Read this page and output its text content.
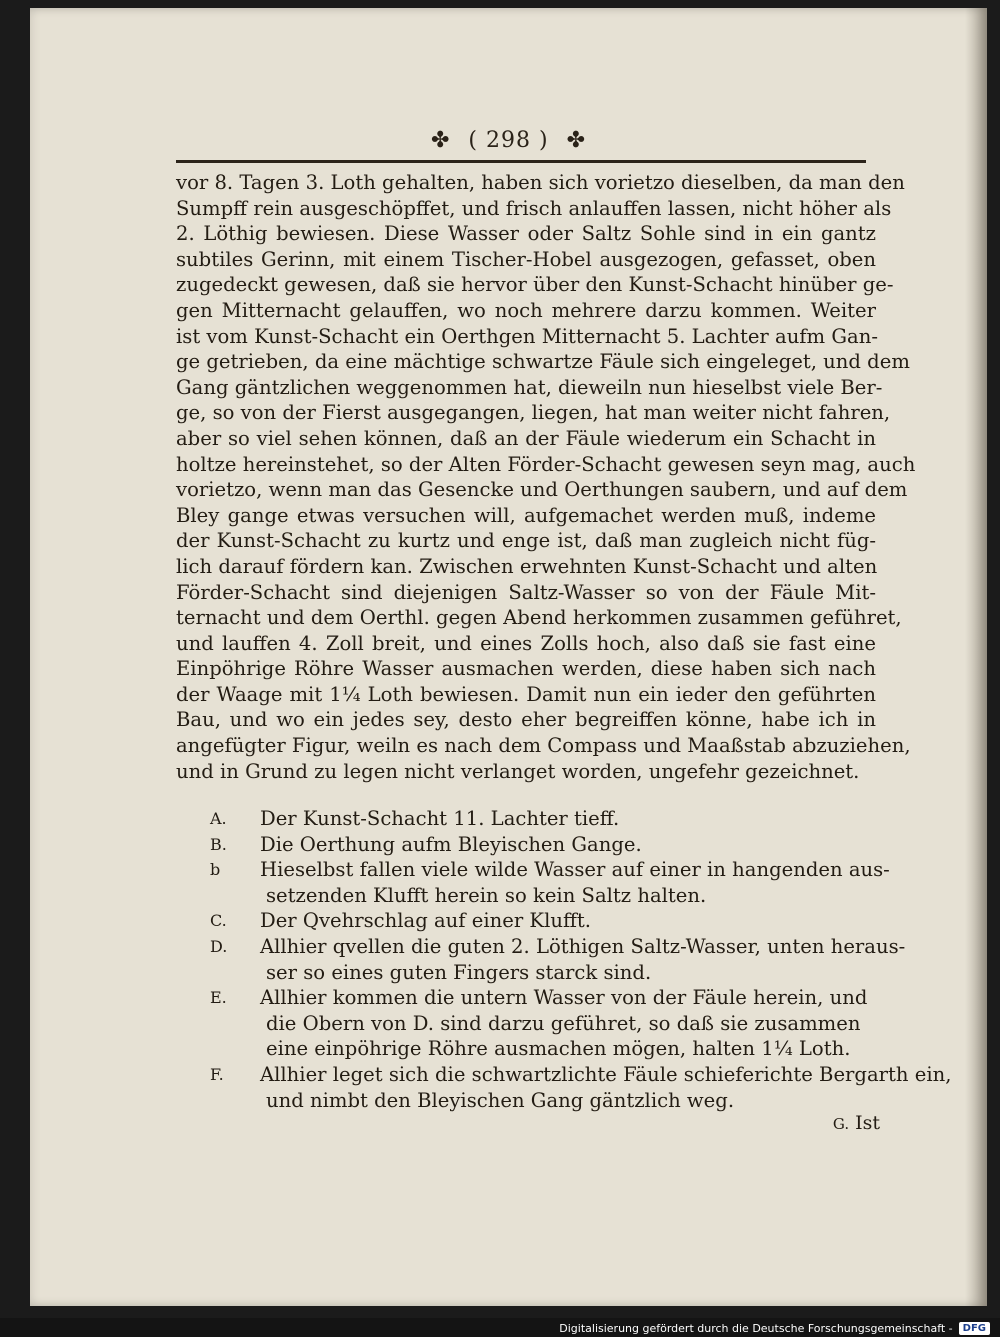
✤ ( 298 ) ✤
vor 8. Tagen 3. Loth gehalten, haben sich vorietzo dieselben, da man den
Sumpff rein ausgeschöpffet, und frisch anlauffen lassen, nicht höher als
2. Löthig bewiesen. Diese Wasser oder Saltz Sohle sind in ein gantz
subtiles Gerinn, mit einem Tischer-Hobel ausgezogen, gefasset, oben
zugedeckt gewesen, daß sie hervor über den Kunst-Schacht hinüber ge-
gen Mitternacht gelauffen, wo noch mehrere darzu kommen. Weiter
ist vom Kunst-Schacht ein Oerthgen Mitternacht 5. Lachter aufm Gan-
ge getrieben, da eine mächtige schwartze Fäule sich eingeleget, und dem
Gang gäntzlichen weggenommen hat, dieweiln nun hieselbst viele Ber-
ge, so von der Fierst ausgegangen, liegen, hat man weiter nicht fahren,
aber so viel sehen können, daß an der Fäule wiederum ein Schacht in
holtze hereinstehet, so der Alten Förder-Schacht gewesen seyn mag, auch
vorietzo, wenn man das Gesencke und Oerthungen saubern, und auf dem
Bley gange etwas versuchen will, aufgemachet werden muß, indeme
der Kunst-Schacht zu kurtz und enge ist, daß man zugleich nicht füg-
lich darauf fördern kan. Zwischen erwehnten Kunst-Schacht und alten
Förder-Schacht sind diejenigen Saltz-Wasser so von der Fäule Mit-
ternacht und dem Oerthl. gegen Abend herkommen zusammen geführet,
und lauffen 4. Zoll breit, und eines Zolls hoch, also daß sie fast eine
Einpöhrige Röhre Wasser ausmachen werden, diese haben sich nach
der Waage mit 1¼ Loth bewiesen. Damit nun ein ieder den geführten
Bau, und wo ein jedes sey, desto eher begreiffen könne, habe ich in
angefügter Figur, weiln es nach dem Compass und Maaßstab abzuziehen,
und in Grund zu legen nicht verlanget worden, ungefehr gezeichnet.
A. Der Kunst-Schacht 11. Lachter tieff.
B. Die Oerthung aufm Bleyischen Gange.
b Hieselbst fallen viele wilde Wasser auf einer in hangenden aus-
setzenden Klufft herein so kein Saltz halten.
C. Der Qvehrschlag auf einer Klufft.
D. Allhier qvellen die guten 2. Löthigen Saltz-Wasser, unten heraus-
ser so eines guten Fingers starck sind.
E. Allhier kommen die untern Wasser von der Fäule herein, und
die Obern von D. sind darzu geführet, so daß sie zusammen
eine einpöhrige Röhre ausmachen mögen, halten 1¼ Loth.
F. Allhier leget sich die schwartzlichte Fäule schieferichte Bergarth ein,
und nimbt den Bleyischen Gang gäntzlich weg.
G. Ist
Digitalisierung gefördert durch die Deutsche Forschungsgemeinschaft -	DFG
